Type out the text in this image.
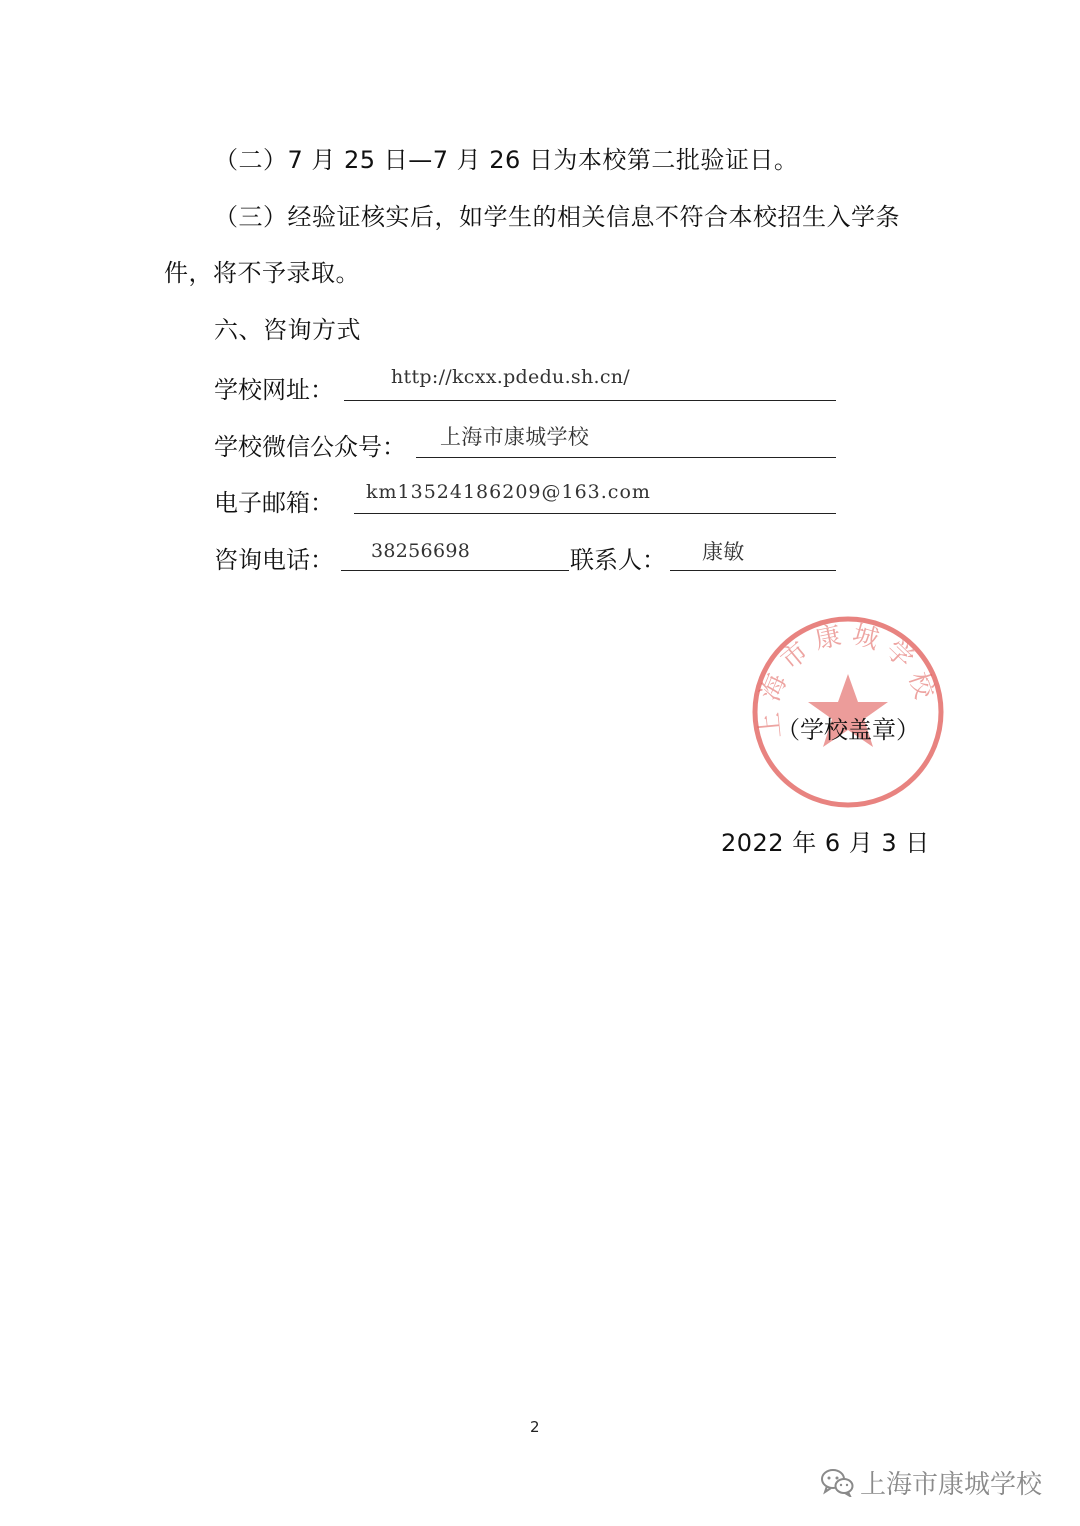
（二）7 月 25 日—7 月 26 日为本校第二批验证日。
（三）经验证核实后，如学生的相关信息不符合本校招生入学条
件，将不予录取。
六、咨询方式
学校网址：	http://kcxx.pdedu.sh.cn/
学校微信公众号： 上海市康城学校
电子邮箱： km13524186209@163.com
咨询电话： 38256698	联系人： 康敏
上海市康城学校
（学校盖章）
2022 年 6 月 3 日
2
上海市康城学校
